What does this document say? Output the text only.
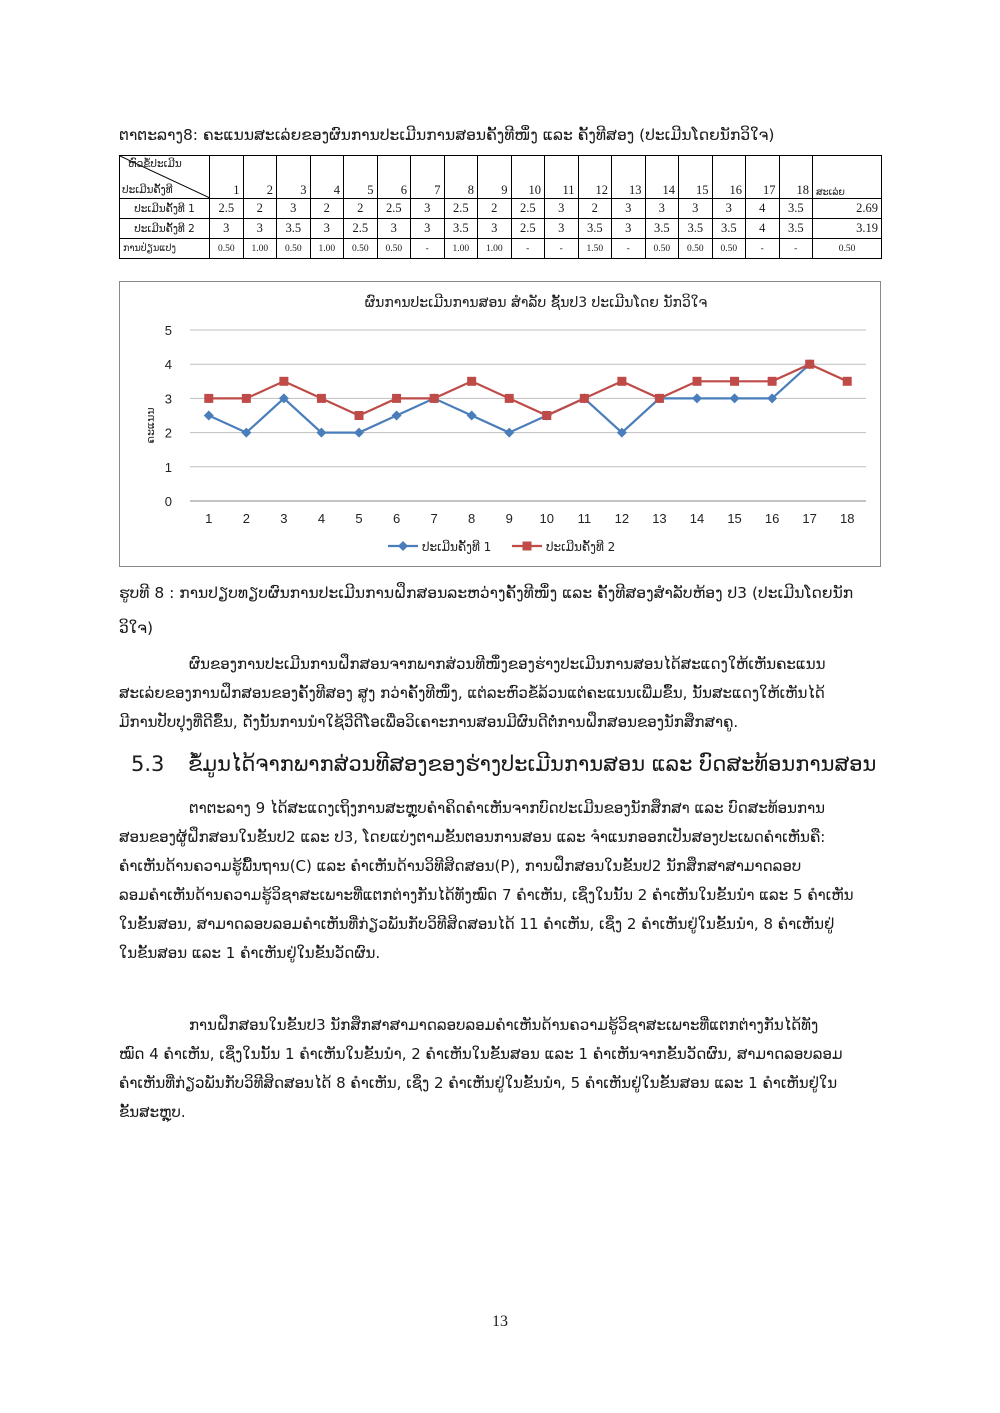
ຕາຕະລາງ8: ຄະແນນສະເລ່ຍຂອງຜົນການປະເມີນການສອນຄັ້ງທີໜຶ່ງ ແລະ ຄັ້ງທີສອງ (ປະເມີນໂດຍນັກວິໃຈ)
ຫົວຂໍ້ປະເມີນ
ປະເມີນຄັ້ງທີ	1	2	3	4	5	6	7	8	9	10	11	12	13	14	15	16	17	18	ສະເລ່ຍ
ປະເມີນຄັ້ງທີ 1	2.5	2	3	2	2	2.5	3	2.5	2	2.5	3	2	3	3	3	3	4	3.5	2.69
ປະເມີນຄັ້ງທີ 2	3	3	3.5	3	2.5	3	3	3.5	3	2.5	3	3.5	3	3.5	3.5	3.5	4	3.5	3.19
ການປ່ຽນແປງ	0.50	1.00	0.50	1.00	0.50	0.50	-	1.00	1.00	-	-	1.50	-	0.50	0.50	0.50	-	-	0.50
ຜົນການປະເມີນການສອນ ສຳລັບ ຊັ້ນປ3 ປະເມີນໂດຍ ນັກວິໃຈ
0
1
2
3
4
5
ຄະແນນ
1 2 3 4 5 6 7 8 9 10 11 12 13 14 15 16 17 18
ປະເມີນຄັ້ງທີ 1	ປະເມີນຄັ້ງທີ 2
ຮູບທີ 8 : ການປຽບທຽບຜົນການປະເມີນການຝຶກສອນລະຫວ່າງຄັ້ງທີໜຶ່ງ ແລະ ຄັ້ງທີສອງສຳລັບຫ້ອງ ປ3 (ປະເມີນໂດຍນັກ
ວິໃຈ)
ຜົນຂອງການປະເມີນການຝຶກສອນຈາກພາກສ່ວນທີໜຶ່ງຂອງຮ່າງປະເມີນການສອນໄດ້ສະແດງໃຫ້ເຫັນຄະແນນ
ສະເລ່ຍຂອງການຝຶກສອນຂອງຄັ້ງທີສອງ ສູງ ກວ່າຄັ້ງທີໜຶ່ງ, ແຕ່ລະຫົວຂໍ້ລ້ວນແຕ່ຄະແນນເພີ່ມຂຶ້ນ, ນັ້ນສະແດງໃຫ້ເຫັນໄດ້
ມີການປັບປຸງທີ່ດີຂຶ້ນ, ດັ່ງນັ້ນການນຳໃຊ້ວີດີໂອເພື່ອວິເຄາະການສອນມີຜົນດີຕໍ່ການຝຶກສອນຂອງນັກສຶກສາຄູ.
5.3 ຂໍ້ມູນໄດ້ຈາກພາກສ່ວນທີສອງຂອງຮ່າງປະເມີນການສອນ ແລະ ບົດສະທ້ອນການສອນ
ຕາຕະລາງ 9 ໄດ້ສະແດງເຖິງການສະຫຼຸບຄຳຄິດຄຳເຫັນຈາກບົດປະເມີນຂອງນັກສຶກສາ ແລະ ບົດສະທ້ອນການ
ສອນຂອງຜູ້ຝຶກສອນໃນຂັ້ນປ2 ແລະ ປ3, ໂດຍແບ່ງຕາມຂັ້ນຕອນການສອນ ແລະ ຈຳແນກອອກເປັນສອງປະເພດຄຳເຫັນຄື:
ຄຳເຫັນດ້ານຄວາມຮູ້ພື້ນຖານ(C) ແລະ ຄຳເຫັນດ້ານວິທີສິດສອນ(P), ການຝຶກສອນໃນຂັ້ນປ2 ນັກສຶກສາສາມາດລອບ
ລອມຄຳເຫັນດ້ານຄວາມຮູ້ວິຊາສະເພາະທີ່ແຕກຕ່າງກັນໄດ້ທັງໝົດ 7 ຄຳເຫັນ, ເຊິ່ງໃນນັ້ນ 2 ຄຳເຫັນໃນຂັ້ນນຳ ແລະ 5 ຄຳເຫັນ
ໃນຂັ້ນສອນ, ສາມາດລອບລອມຄຳເຫັນທີ່ກ່ຽວພັນກັບວິທີສິດສອນໄດ້ 11 ຄຳເຫັນ, ເຊິ່ງ 2 ຄຳເຫັນຢູ່ໃນຂັ້ນນຳ, 8 ຄຳເຫັນຢູ່
ໃນຂັ້ນສອນ ແລະ 1 ຄຳເຫັນຢູ່ໃນຂັ້ນວັດຜົນ.
ການຝຶກສອນໃນຂັ້ນປ3 ນັກສຶກສາສາມາດລອບລອມຄຳເຫັນດ້ານຄວາມຮູ້ວິຊາສະເພາະທີ່ແຕກຕ່າງກັນໄດ້ທັງ
ໝົດ 4 ຄຳເຫັນ, ເຊິ່ງໃນນັ້ນ 1 ຄຳເຫັນໃນຂັ້ນນຳ, 2 ຄຳເຫັນໃນຂັ້ນສອນ ແລະ 1 ຄຳເຫັນຈາກຂັ້ນວັດຜົນ, ສາມາດລອບລອມ
ຄຳເຫັນທີ່ກ່ຽວພັນກັບວິທີສິດສອນໄດ້ 8 ຄຳເຫັນ, ເຊິ່ງ 2 ຄຳເຫັນຢູ່ໃນຂັ້ນນຳ, 5 ຄຳເຫັນຢູ່ໃນຂັ້ນສອນ ແລະ 1 ຄຳເຫັນຢູ່ໃນ
ຂັ້ນສະຫຼຸບ.
13
